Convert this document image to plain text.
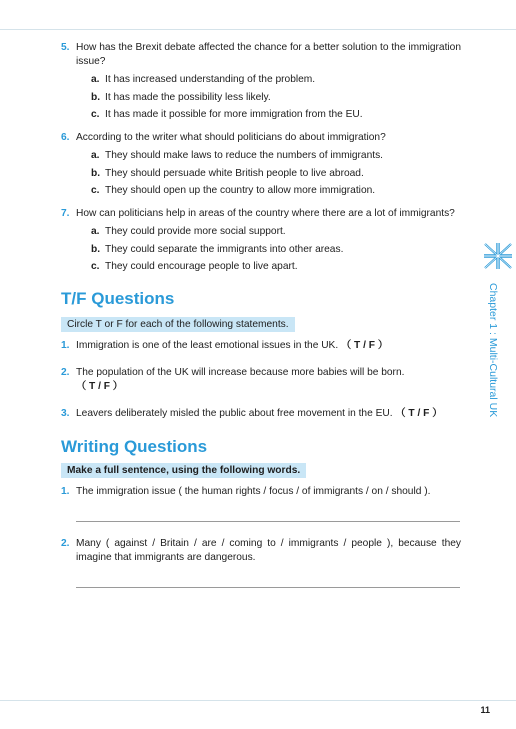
5. How has the Brexit debate affected the chance for a better solution to the immigration issue?
a. It has increased understanding of the problem.
b. It has made the possibility less likely.
c. It has made it possible for more immigration from the EU.
6. According to the writer what should politicians do about immigration?
a. They should make laws to reduce the numbers of immigrants.
b. They should persuade white British people to live abroad.
c. They should open up the country to allow more immigration.
7. How can politicians help in areas of the country where there are a lot of immigrants?
a. They could provide more social support.
b. They could separate the immigrants into other areas.
c. They could encourage people to live apart.
T/F Questions
Circle T or F for each of the following statements.
1. Immigration is one of the least emotional issues in the UK. （ T / F ）
2. The population of the UK will increase because more babies will be born.
（ T / F ）
3. Leavers deliberately misled the public about free movement in the EU. （ T / F ）
Writing Questions
Make a full sentence, using the following words.
1. The immigration issue ( the human rights / focus / of immigrants / on / should ).
2. Many ( against / Britain / are / coming to / immigrants / people ), because they imagine that immigrants are dangerous.
Chapter 1 : Multi-Cultural UK
11
